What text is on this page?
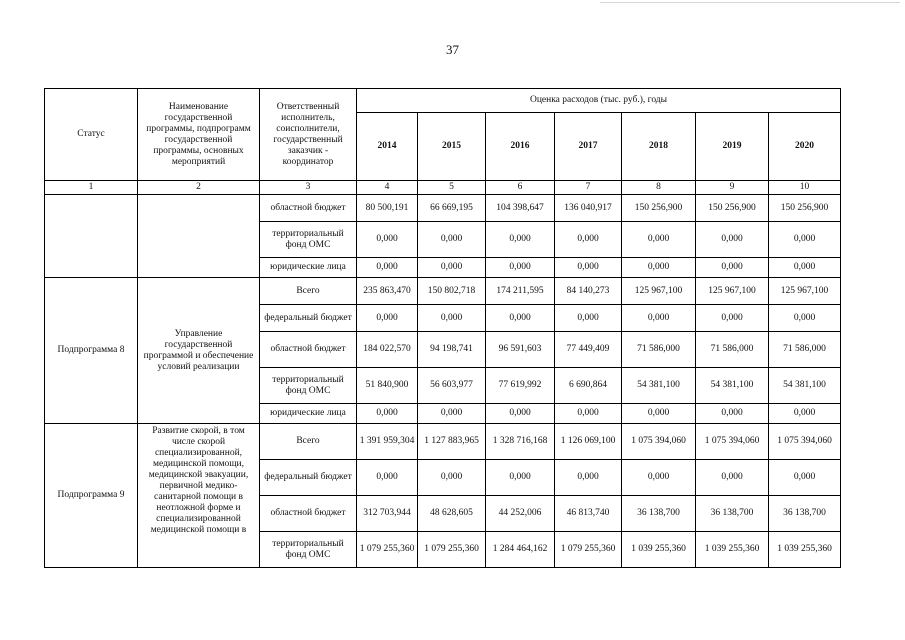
37
Статус	Наименование государственной программы, подпрограмм государственной программы, основных мероприятий	Ответственный исполнитель, соисполнители, государственный заказчик - координатор	Оценка расходов (тыс. руб.), годы						
			2014	2015	2016	2017	2018	2019	2020
1	2	3	4	5	6	7	8	9	10
		областной бюджет	80 500,191	66 669,195	104 398,647	136 040,917	150 256,900	150 256,900	150 256,900
		территориальный фонд ОМС	0,000	0,000	0,000	0,000	0,000	0,000	0,000
		юридические лица	0,000	0,000	0,000	0,000	0,000	0,000	0,000
Подпрограмма 8	Управление государственной программой и обеспечение условий реализации	Всего	235 863,470	150 802,718	174 211,595	84 140,273	125 967,100	125 967,100	125 967,100
		федеральный бюджет	0,000	0,000	0,000	0,000	0,000	0,000	0,000
		областной бюджет	184 022,570	94 198,741	96 591,603	77 449,409	71 586,000	71 586,000	71 586,000
		территориальный фонд ОМС	51 840,900	56 603,977	77 619,992	6 690,864	54 381,100	54 381,100	54 381,100
		юридические лица	0,000	0,000	0,000	0,000	0,000	0,000	0,000
Подпрограмма 9	Развитие скорой, в том числе скорой специализированной, медицинской помощи, медицинской эвакуации, первичной медико-санитарной помощи в неотложной форме и специализированной медицинской помощи в	Всего	1 391 959,304	1 127 883,965	1 328 716,168	1 126 069,100	1 075 394,060	1 075 394,060	1 075 394,060
		федеральный бюджет	0,000	0,000	0,000	0,000	0,000	0,000	0,000
		областной бюджет	312 703,944	48 628,605	44 252,006	46 813,740	36 138,700	36 138,700	36 138,700
		территориальный фонд ОМС	1 079 255,360	1 079 255,360	1 284 464,162	1 079 255,360	1 039 255,360	1 039 255,360	1 039 255,360
